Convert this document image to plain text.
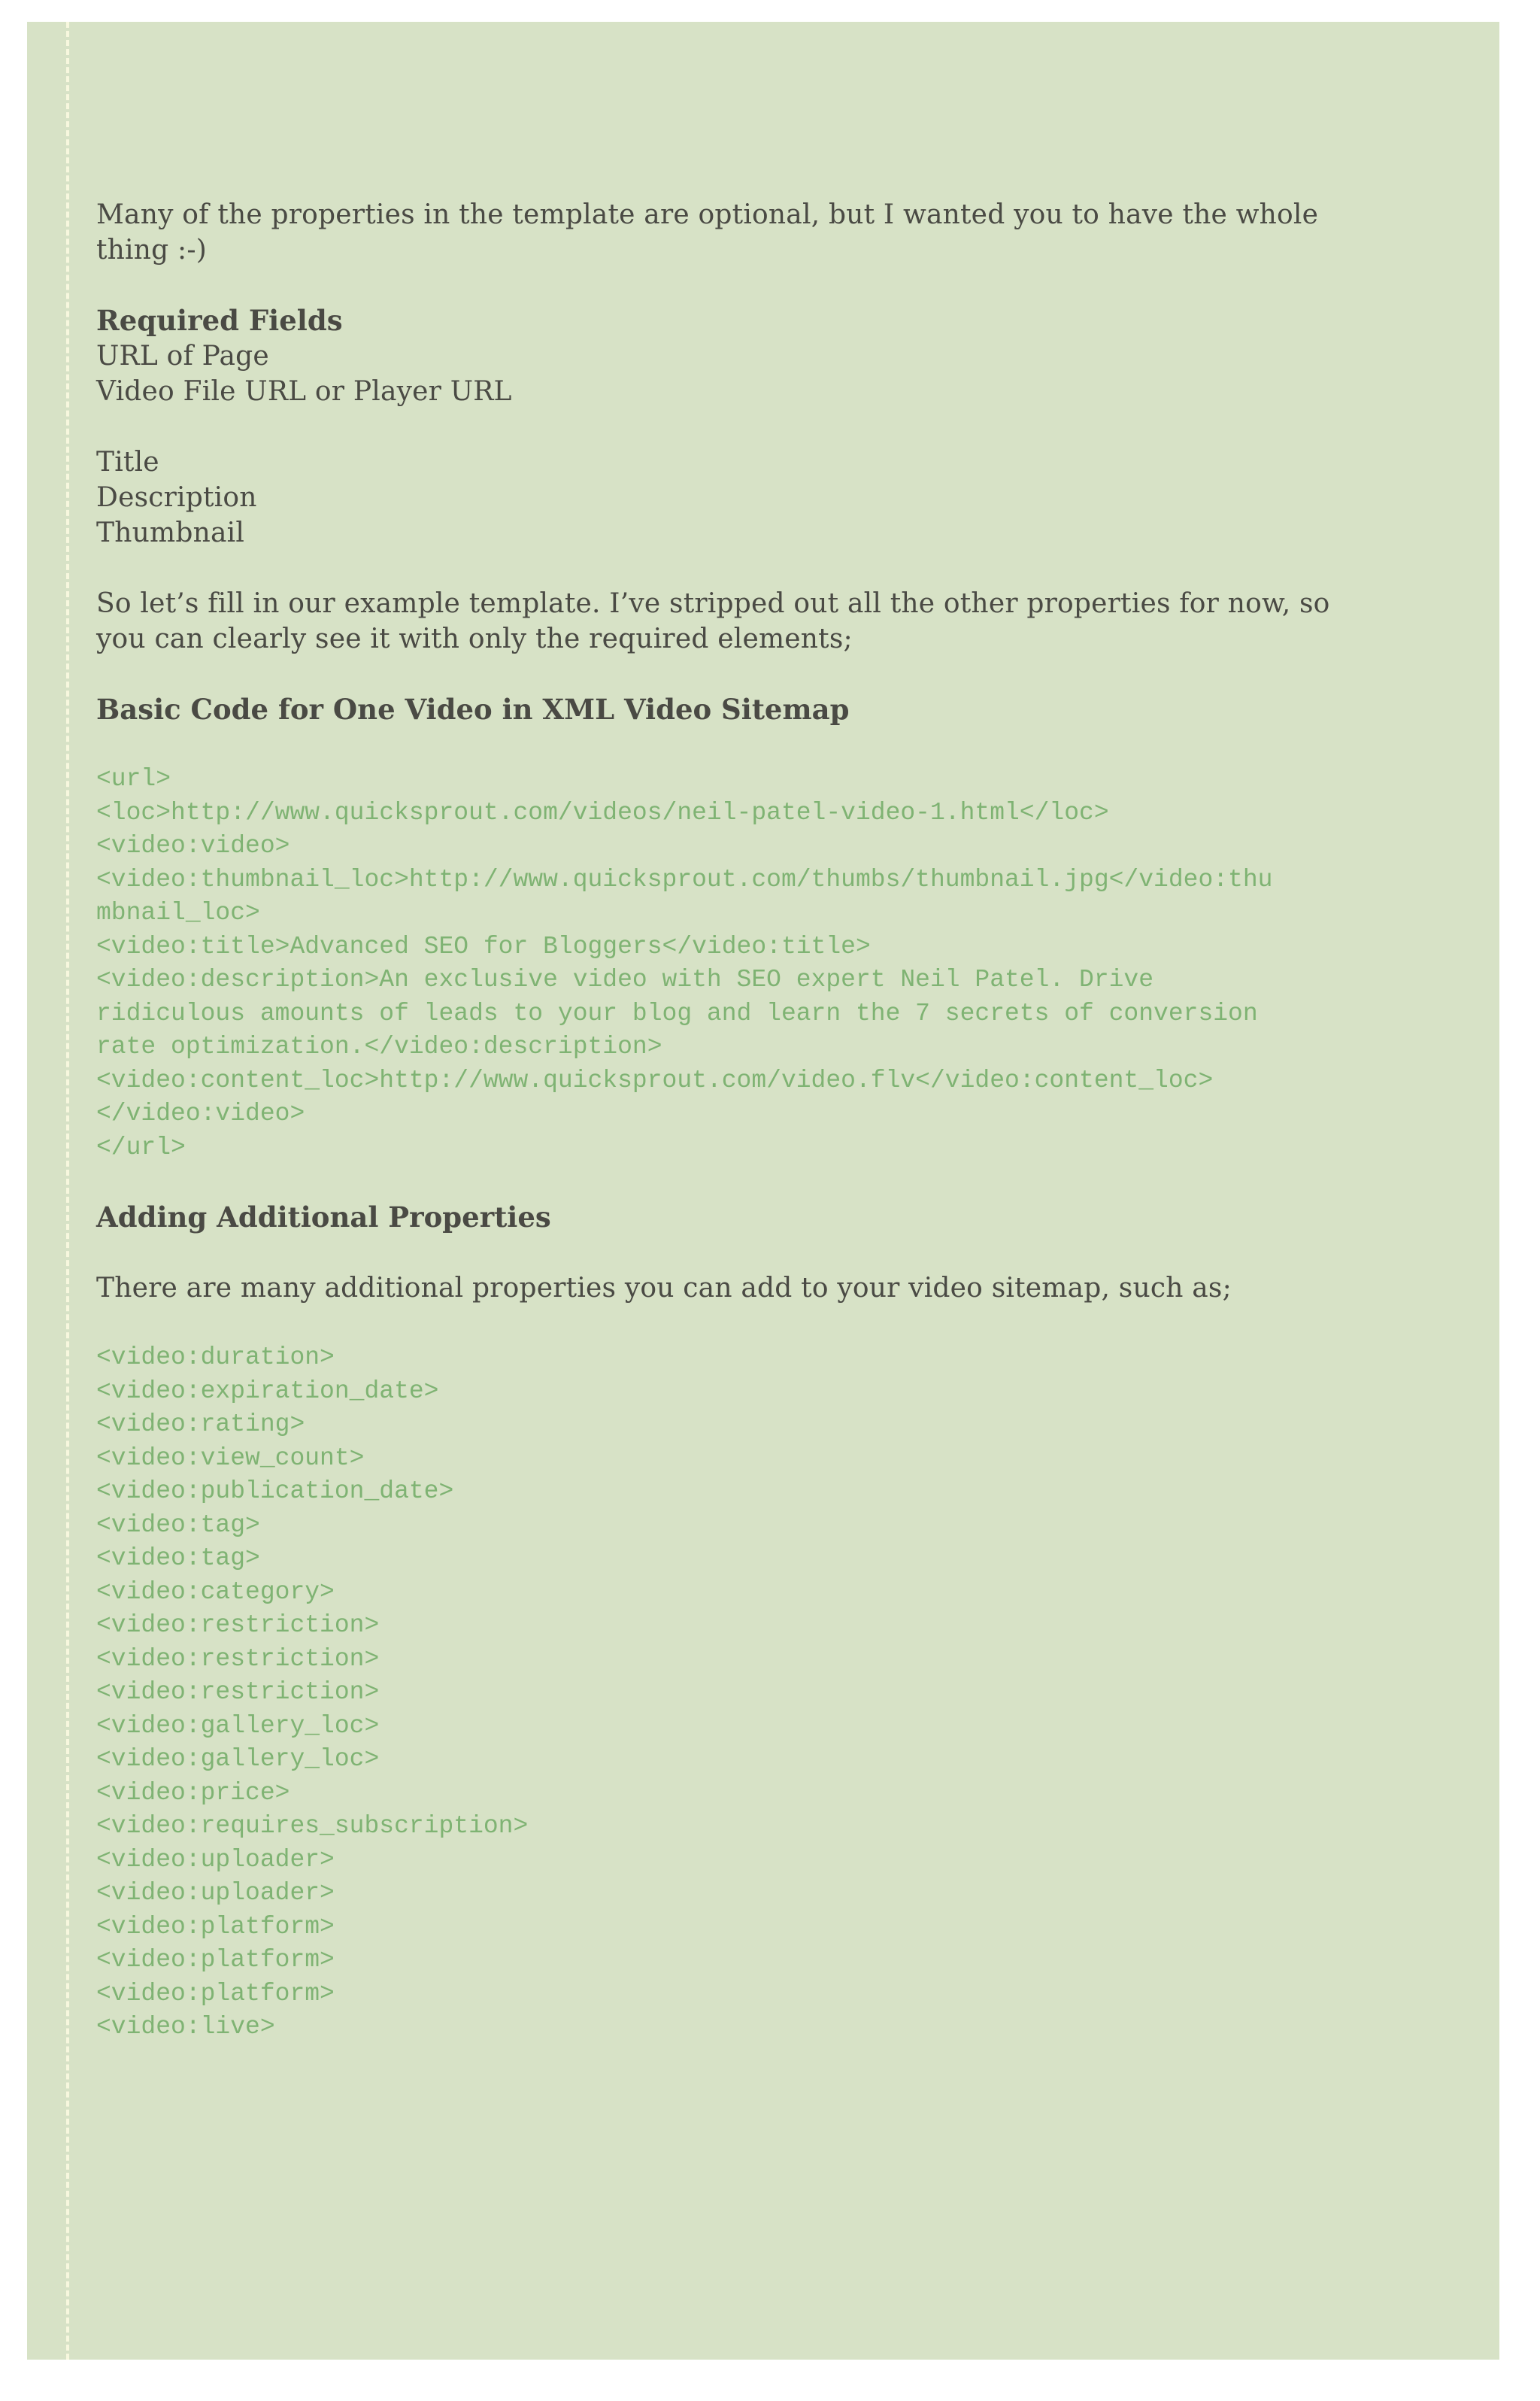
Many of the properties in the template are optional, but I wanted you to have the whole

thing :-)

Required Fields

URL of Page

Video File URL or Player URL

Title

Description

Thumbnail

So let’s fill in our example template. I’ve stripped out all the other properties for now, so

you can clearly see it with only the required elements;

Basic Code for One Video in XML Video Sitemap

<url>

<loc>http://www.quicksprout.com/videos/neil-patel-video-1.html</loc>

<video:video>

<video:thumbnail_loc>http://www.quicksprout.com/thumbs/thumbnail.jpg</video:thu

mbnail_loc>

<video:title>Advanced SEO for Bloggers</video:title>

<video:description>An exclusive video with SEO expert Neil Patel. Drive

ridiculous amounts of leads to your blog and learn the 7 secrets of conversion

rate optimization.</video:description>

<video:content_loc>http://www.quicksprout.com/video.flv</video:content_loc>

</video:video>

</url>

Adding Additional Properties

There are many additional properties you can add to your video sitemap, such as;

<video:duration>

<video:expiration_date>

<video:rating>

<video:view_count>

<video:publication_date>

<video:tag>

<video:tag>

<video:category>

<video:restriction>

<video:restriction>

<video:restriction>

<video:gallery_loc>

<video:gallery_loc>

<video:price>

<video:requires_subscription>

<video:uploader>

<video:uploader>

<video:platform>

<video:platform>

<video:platform>

<video:live>
